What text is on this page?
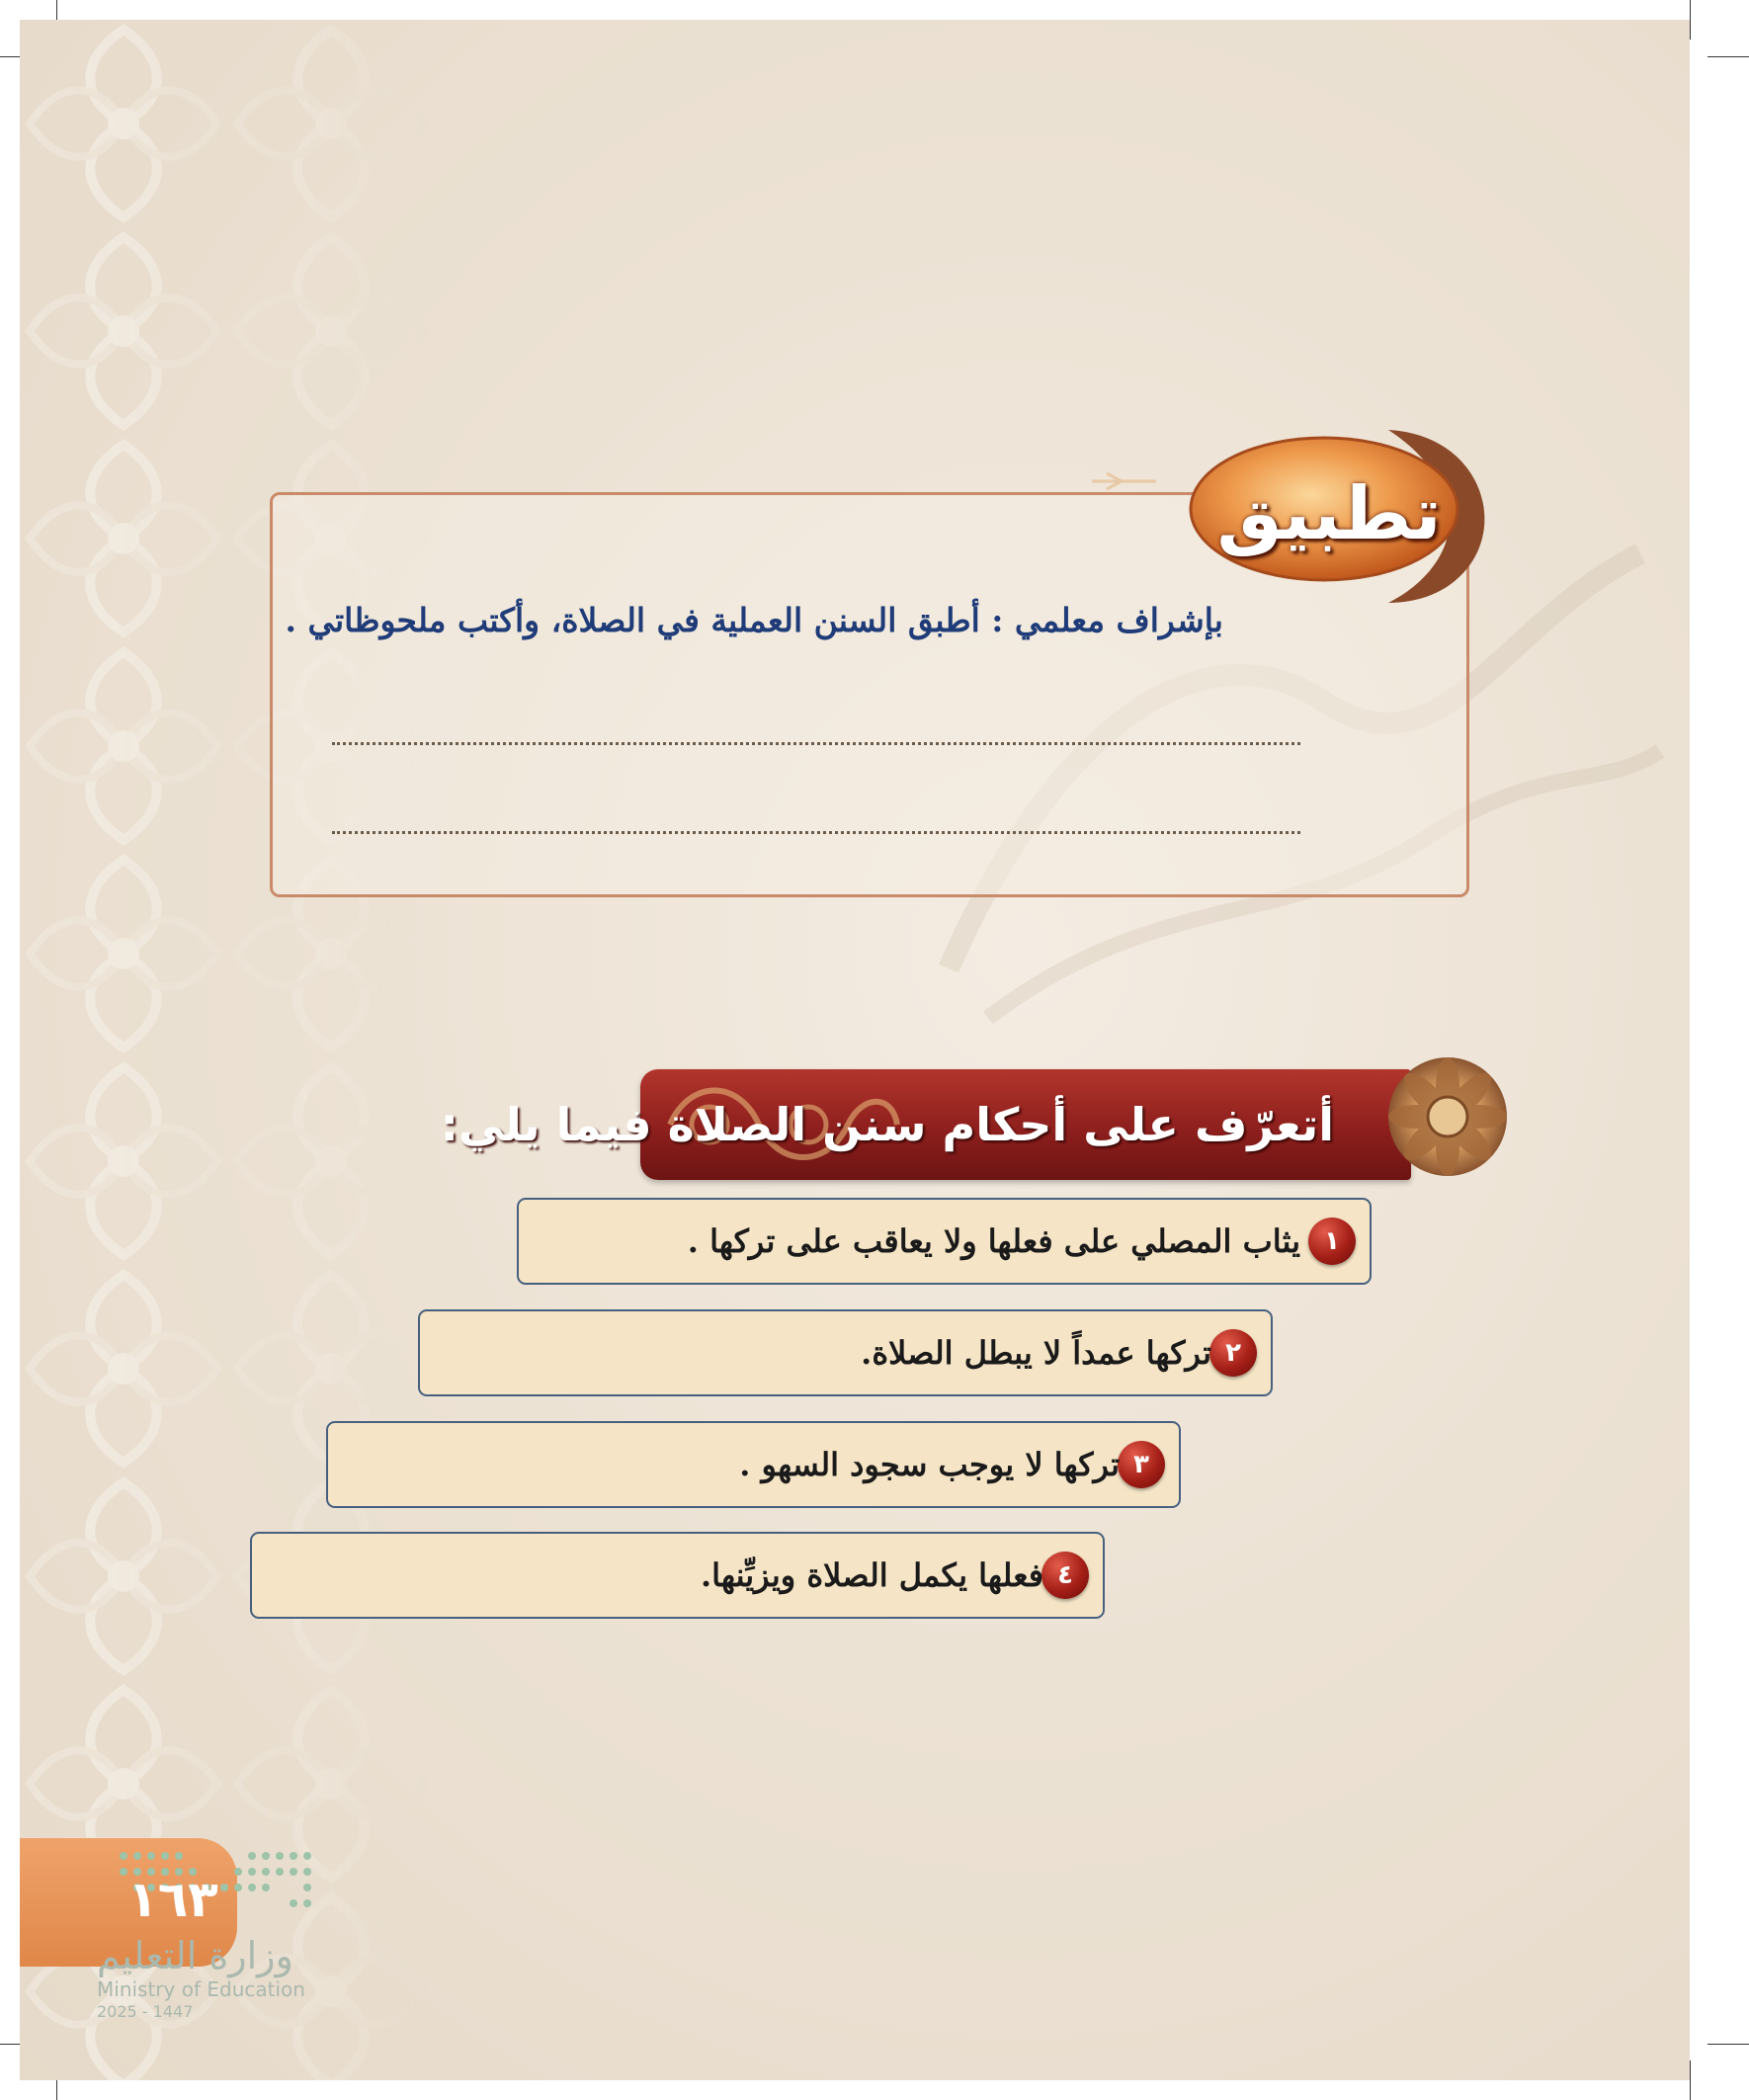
بإشراف معلمي : أطبق السنن العملية في الصلاة، وأكتب ملحوظاتي .
تطبيق
أتعرّف على أحكام سنن الصلاة فيما يلي:
١
يثاب المصلي على فعلها ولا يعاقب على تركها .
٢
تركها عمداً لا يبطل الصلاة.
٣
تركها لا يوجب سجود السهو .
٤
فعلها يكمل الصلاة ويزيِّنها.
١٦٣
وزارة التعليم
Ministry of Education
2025 - 1447
